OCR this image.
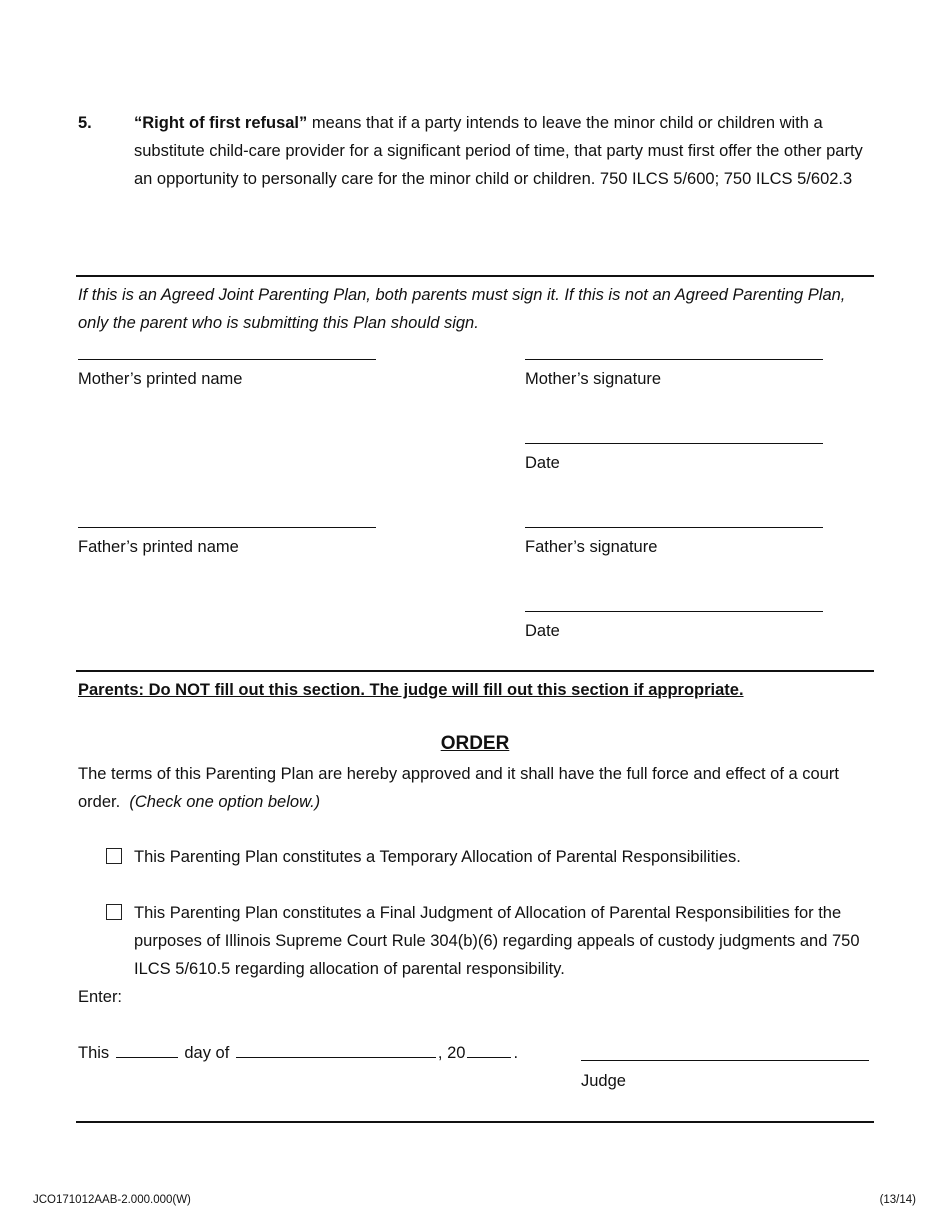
5.	“Right of first refusal” means that if a party intends to leave the minor child or children with a substitute child-care provider for a significant period of time, that party must first offer the other party an opportunity to personally care for the minor child or children. 750 ILCS 5/600; 750 ILCS 5/602.3
If this is an Agreed Joint Parenting Plan, both parents must sign it. If this is not an Agreed Parenting Plan, only the parent who is submitting this Plan should sign.
Mother’s printed name	Mother’s signature
Date
Father’s printed name	Father’s signature
Date
Parents: Do NOT fill out this section. The judge will fill out this section if appropriate.
ORDER
The terms of this Parenting Plan are hereby approved and it shall have the full force and effect of a court order. (Check one option below.)
This Parenting Plan constitutes a Temporary Allocation of Parental Responsibilities.
This Parenting Plan constitutes a Final Judgment of Allocation of Parental Responsibilities for the purposes of Illinois Supreme Court Rule 304(b)(6) regarding appeals of custody judgments and 750 ILCS 5/610.5 regarding allocation of parental responsibility.
Enter:
This	day of	, 20	.
Judge
JCO171012AAB-2.000.000(W)	(13/14)
